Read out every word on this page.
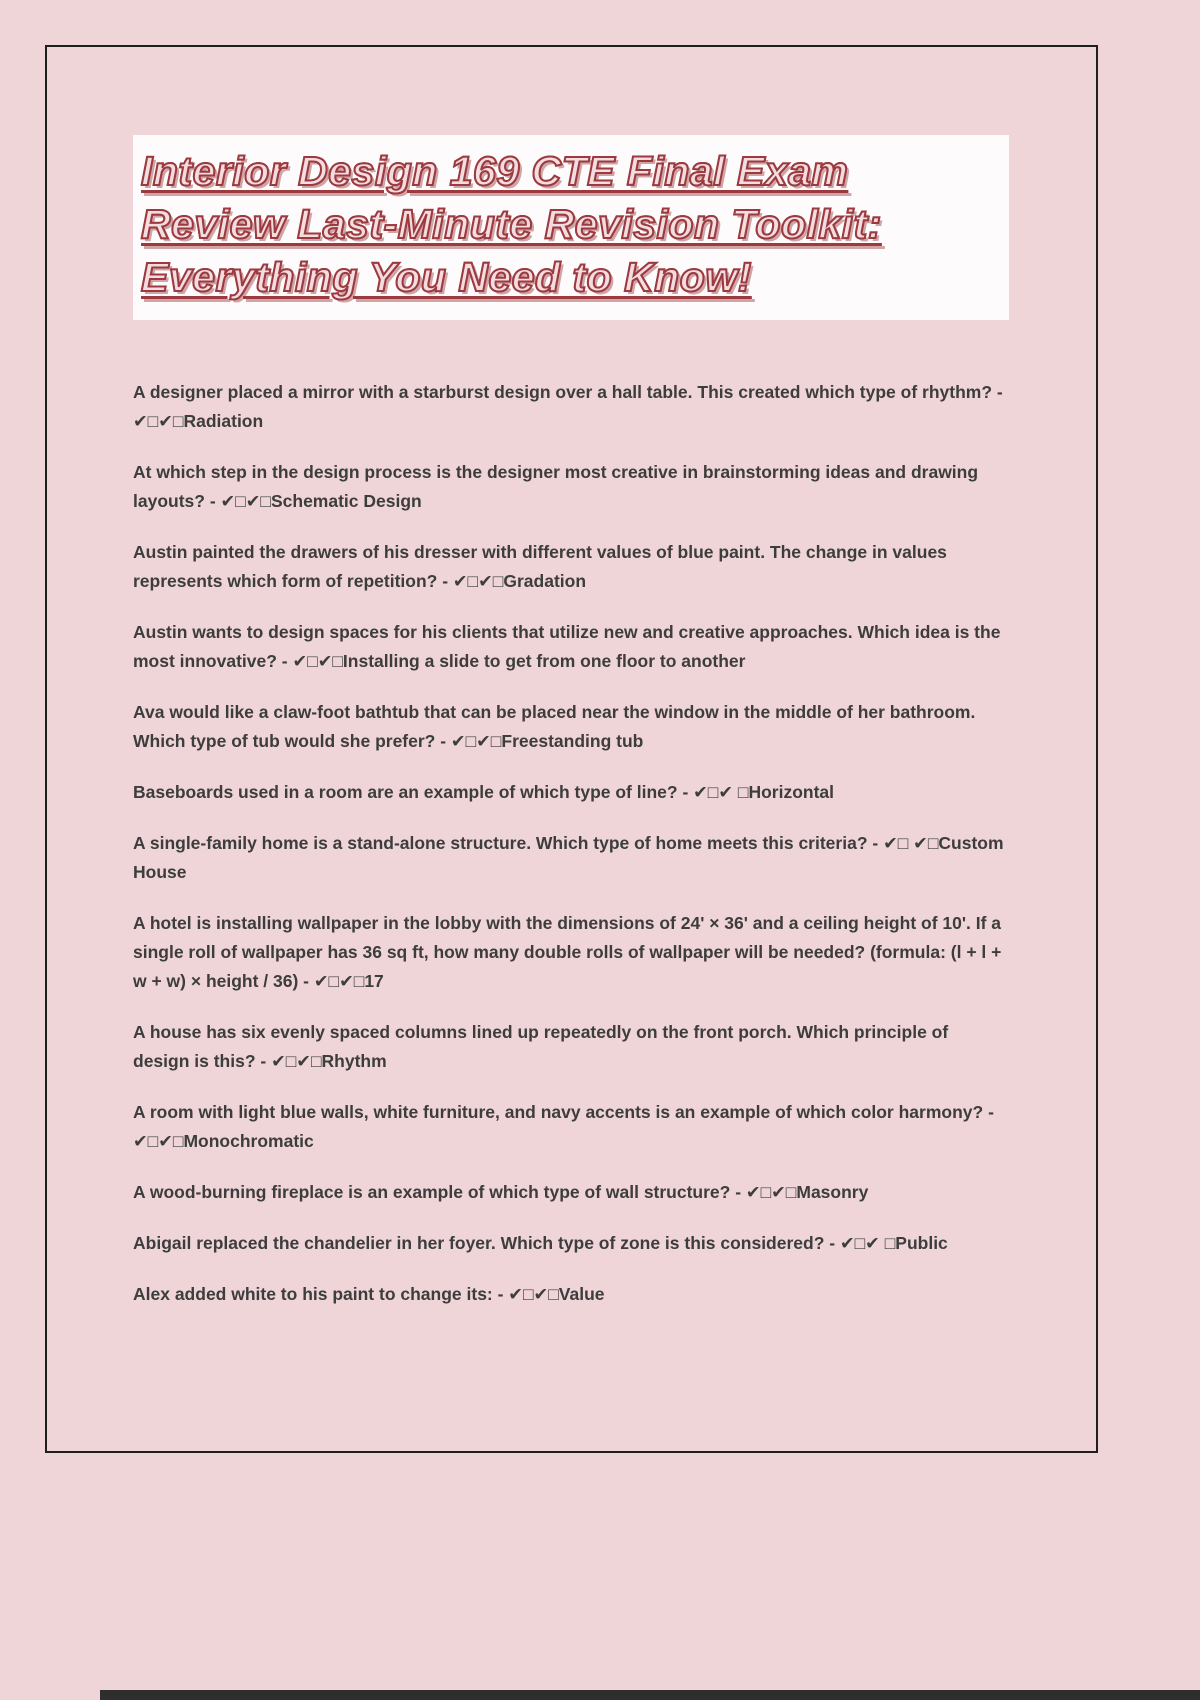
Interior Design 169 CTE Final Exam
Review Last-Minute Revision Toolkit:
Everything You Need to Know!

A designer placed a mirror with a starburst design over a hall table. This created which type of rhythm? - ✔□✔□Radiation

At which step in the design process is the designer most creative in brainstorming ideas and drawing layouts? - ✔□✔□Schematic Design

Austin painted the drawers of his dresser with different values of blue paint. The change in values represents which form of repetition? - ✔□✔□Gradation

Austin wants to design spaces for his clients that utilize new and creative approaches. Which idea is the most innovative? - ✔□✔□Installing a slide to get from one floor to another

Ava would like a claw-foot bathtub that can be placed near the window in the middle of her bathroom. Which type of tub would she prefer? - ✔□✔□Freestanding tub

Baseboards used in a room are an example of which type of line? - ✔□✔ □Horizontal

A single-family home is a stand-alone structure. Which type of home meets this criteria? - ✔□ ✔□Custom House

A hotel is installing wallpaper in the lobby with the dimensions of 24' × 36' and a ceiling height of 10'. If a single roll of wallpaper has 36 sq ft, how many double rolls of wallpaper will be needed? (formula: (l + l + w + w) × height / 36) - ✔□✔□17

A house has six evenly spaced columns lined up repeatedly on the front porch. Which principle of design is this? - ✔□✔□Rhythm

A room with light blue walls, white furniture, and navy accents is an example of which color harmony? - ✔□✔□Monochromatic

A wood-burning fireplace is an example of which type of wall structure? - ✔□✔□Masonry

Abigail replaced the chandelier in her foyer. Which type of zone is this considered? - ✔□✔ □Public

Alex added white to his paint to change its: - ✔□✔□Value
